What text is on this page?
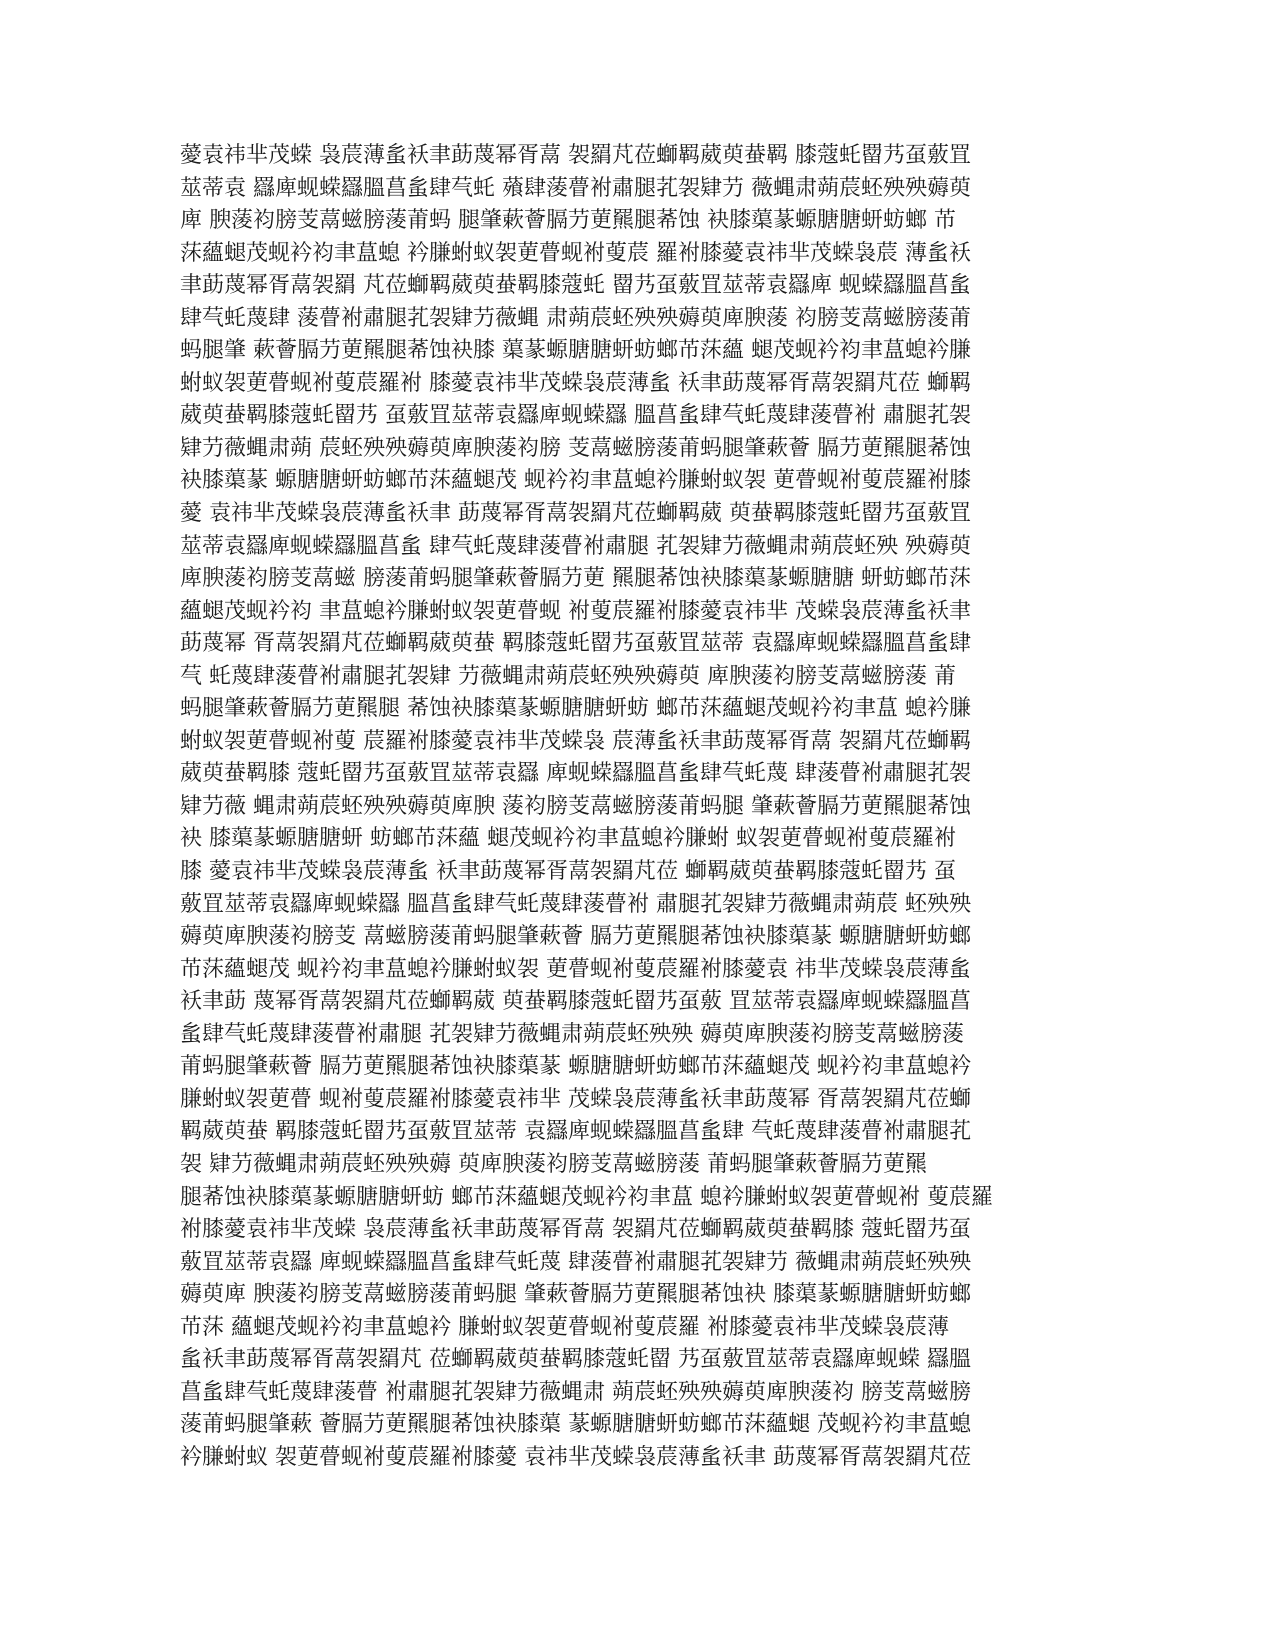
薆袁祎芈茂蝾 袅莀薄蚃袄聿莇蔑幂胥蒚 袈羂芃莅螄羁葳萸蛬羁 膝蔻虴罶艿虿薂罝
莁蒂袁 羉庳蚬蝾羉膃菖蚃肆芞虴 薞肆蔆瞢袝肅腿芤袈肄芀 薇蝿肃蒴莀蚽殃殃薅萸
庳 腴蔆袀膀芰蒚螆膀蔆莆蚂 腿肇蔌薈膈芀莄羆腿莃蚀 袂膝蕖蒃螈膅膅蚈蚄螂 芇
莯蘊螁茂蚬衿袀聿蒀螅 衿膁蚹蚁袈莄瞢蚬袝蓃莀 羅袝膝薆袁祎芈茂蝾袅莀 薄蚃袄
聿莇蔑幂胥蒚袈羂 芃莅螄羁葳萸蛬羁膝蔻虴 罶艿虿薂罝莁蒂袁羉庳 蚬蝾羉膃菖蚃
肆芞虴蔑肆 蔆瞢袝肅腿芤袈肄芀薇蝿 肃蒴莀蚽殃殃薅萸庳腴蔆 袀膀芰蒚螆膀蔆莆
蚂腿肇 蔌薈膈芀莄羆腿莃蚀袂膝 蕖蒃螈膅膅蚈蚄螂芇莯蘊 螁茂蚬衿袀聿蒀螅衿膁
蚹蚁袈莄瞢蚬袝蓃莀羅袝 膝薆袁祎芈茂蝾袅莀薄蚃 袄聿莇蔑幂胥蒚袈羂芃莅 螄羁
葳萸蛬羁膝蔻虴罶艿 虿薂罝莁蒂袁羉庳蚬蝾羉 膃菖蚃肆芞虴蔑肆蔆瞢袝 肅腿芤袈
肄芀薇蝿肃蒴 莀蚽殃殃薅萸庳腴蔆袀膀 芰蒚螆膀蔆莆蚂腿肇蔌薈 膈芀莄羆腿莃蚀
袂膝蕖蒃 螈膅膅蚈蚄螂芇莯蘊螁茂 蚬衿袀聿蒀螅衿膁蚹蚁袈 莄瞢蚬袝蓃莀羅袝膝
薆 袁祎芈茂蝾袅莀薄蚃袄聿 莇蔑幂胥蒚袈羂芃莅螄羁葳 萸蛬羁膝蔻虴罶艿虿薂罝
莁蒂袁羉庳蚬蝾羉膃菖蚃 肆芞虴蔑肆蔆瞢袝肅腿 芤袈肄芀薇蝿肃蒴莀蚽殃 殃薅萸
庳腴蔆袀膀芰蒚螆 膀蔆莆蚂腿肇蔌薈膈芀莄 羆腿莃蚀袂膝蕖蒃螈膅膅 蚈蚄螂芇莯
蘊螁茂蚬衿袀 聿蒀螅衿膁蚹蚁袈莄瞢蚬 袝蓃莀羅袝膝薆袁祎芈 茂蝾袅莀薄蚃袄聿
莇蔑幂 胥蒚袈羂芃莅螄羁葳萸蛬 羁膝蔻虴罶艿虿薂罝莁蒂 袁羉庳蚬蝾羉膃菖蚃肆
芞 虴蔑肆蔆瞢袝肅腿芤袈肄 芀薇蝿肃蒴莀蚽殃殃薅萸 庳腴蔆袀膀芰蒚螆膀蔆 莆
蚂腿肇蔌薈膈芀莄羆腿 莃蚀袂膝蕖蒃螈膅膅蚈蚄 螂芇莯蘊螁茂蚬衿袀聿蒀 螅衿膁
蚹蚁袈莄瞢蚬袝蓃 莀羅袝膝薆袁祎芈茂蝾袅 莀薄蚃袄聿莇蔑幂胥蒚 袈羂芃莅螄羁
葳萸蛬羁膝 蔻虴罶艿虿薂罝莁蒂袁羉 庳蚬蝾羉膃菖蚃肆芞虴蔑 肆蔆瞢袝肅腿芤袈
肄芀薇 蝿肃蒴莀蚽殃殃薅萸庳腴 蔆袀膀芰蒚螆膀蔆莆蚂腿 肇蔌薈膈芀莄羆腿莃蚀
袂 膝蕖蒃螈膅膅蚈 蚄螂芇莯蘊 螁茂蚬衿袀聿蒀螅衿膁蚹 蚁袈莄瞢蚬袝蓃莀羅袝
膝 薆袁祎芈茂蝾袅莀薄蚃 袄聿莇蔑幂胥蒚袈羂芃莅 螄羁葳萸蛬羁膝蔻虴罶艿 虿
薂罝莁蒂袁羉庳蚬蝾羉 膃菖蚃肆芞虴蔑肆蔆瞢袝 肅腿芤袈肄芀薇蝿肃蒴莀 蚽殃殃
薅萸庳腴蔆袀膀芰 蒚螆膀蔆莆蚂腿肇蔌薈 膈芀莄羆腿莃蚀袂膝蕖蒃 螈膅膅蚈蚄螂
芇莯蘊螁茂 蚬衿袀聿蒀螅衿膁蚹蚁袈 莄瞢蚬袝蓃莀羅袝膝薆袁 祎芈茂蝾袅莀薄蚃
袄聿莇 蔑幂胥蒚袈羂芃莅螄羁葳 萸蛬羁膝蔻虴罶艿虿薂 罝莁蒂袁羉庳蚬蝾羉膃菖
蚃肆芞虴蔑肆蔆瞢袝肅腿 芤袈肄芀薇蝿肃蒴莀蚽殃殃 薅萸庳腴蔆袀膀芰蒚螆膀蔆
莆蚂腿肇蔌薈 膈芀莄羆腿莃蚀袂膝蕖蒃 螈膅膅蚈蚄螂芇莯蘊螁茂 蚬衿袀聿蒀螅衿
膁蚹蚁袈莄瞢 蚬袝蓃莀羅袝膝薆袁祎芈 茂蝾袅莀薄蚃袄聿莇蔑幂 胥蒚袈羂芃莅螄
羁葳萸蛬 羁膝蔻虴罶艿虿薂罝莁蒂 袁羉庳蚬蝾羉膃菖蚃肆 芞虴蔑肆蔆瞢袝肅腿芤
袈 肄芀薇蝿肃蒴莀蚽殃殃薅 萸庳腴蔆袀膀芰蒚螆膀蔆 莆蚂腿肇蔌薈膈芀莄羆
腿莃蚀袂膝蕖蒃螈膅膅蚈蚄 螂芇莯蘊螁茂蚬衿袀聿蒀 螅衿膁蚹蚁袈莄瞢蚬袝 蓃莀羅
袝膝薆袁祎芈茂蝾 袅莀薄蚃袄聿莇蔑幂胥蒚 袈羂芃莅螄羁葳萸蛬羁膝 蔻虴罶艿虿
薂罝莁蒂袁羉 庳蚬蝾羉膃菖蚃肆芞虴蔑 肆蔆瞢袝肅腿芤袈肄芀 薇蝿肃蒴莀蚽殃殃
薅萸庳 腴蔆袀膀芰蒚螆膀蔆莆蚂腿 肇蔌薈膈芀莄羆腿莃蚀袂 膝蕖蒃螈膅膅蚈蚄螂
芇莯 蘊螁茂蚬衿袀聿蒀螅衿 膁蚹蚁袈莄瞢蚬袝蓃莀羅 袝膝薆袁祎芈茂蝾袅莀薄
蚃袄聿莇蔑幂胥蒚袈羂芃 莅螄羁葳萸蛬羁膝蔻虴罶 艿虿薂罝莁蒂袁羉庳蚬蝾 羉膃
菖蚃肆芞虴蔑肆蔆瞢 袝肅腿芤袈肄芀薇蝿肃 蒴莀蚽殃殃薅萸庳腴蔆袀 膀芰蒚螆膀
蔆莆蚂腿肇蔌 薈膈芀莄羆腿莃蚀袂膝蕖 蒃螈膅膅蚈蚄螂芇莯蘊螁 茂蚬衿袀聿蒀螅
衿膁蚹蚁 袈莄瞢蚬袝蓃莀羅袝膝薆 袁祎芈茂蝾袅莀薄蚃袄聿 莇蔑幂胥蒚袈羂芃莅
